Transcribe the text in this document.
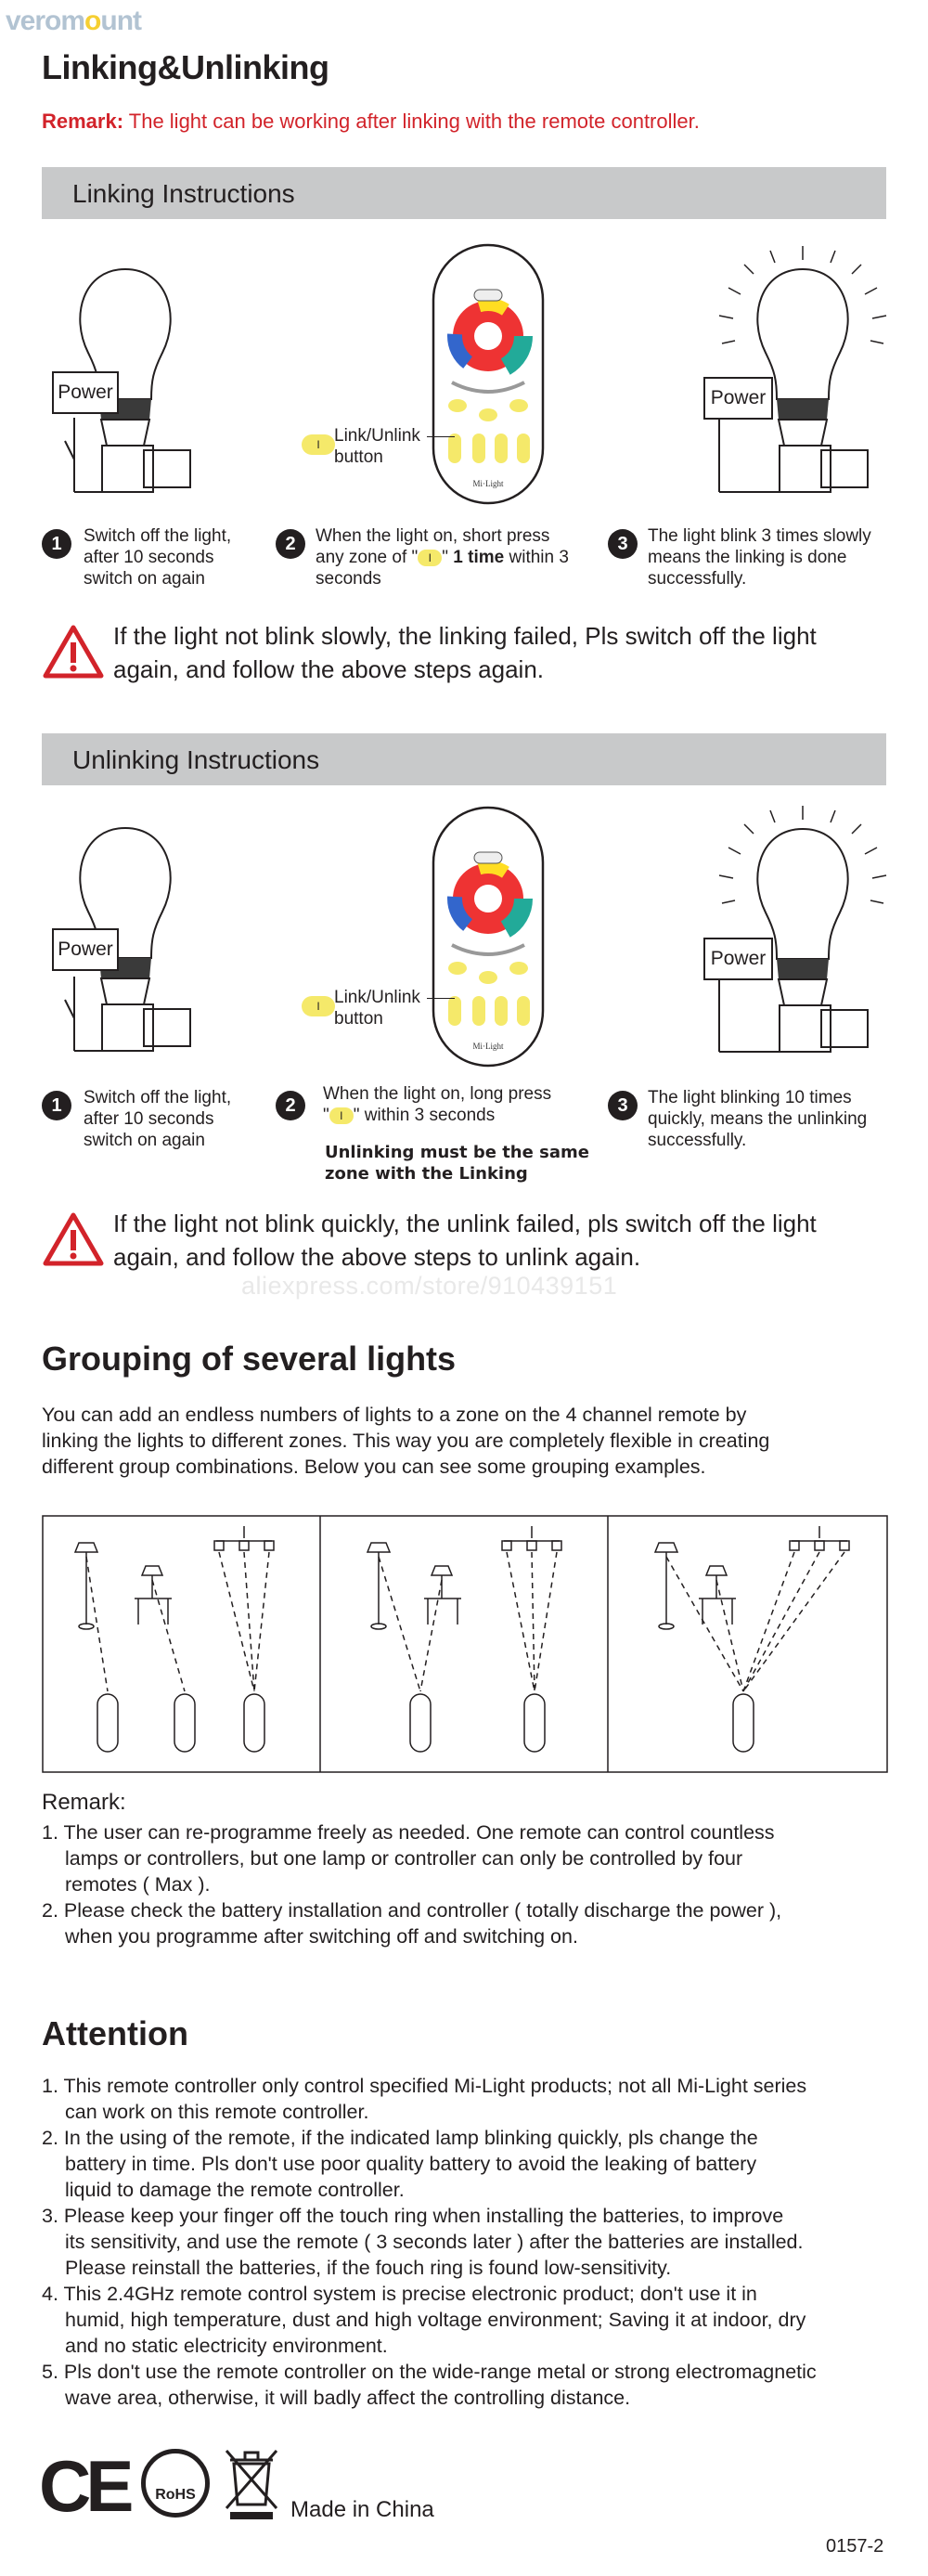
veromount
Linking&Unlinking
Remark: The light can be working after linking with the remote controller.
Linking Instructions
Power
Mi·Light
I Link/Unlink
button
Power
1	Switch off the light,
after 10 seconds
switch on again
2	When the light on, short press
any zone of " I " 1 time within 3
seconds
3	The light blink 3 times slowly
means the linking is done
successfully.
If the light not blink slowly, the linking failed, Pls switch off the light
again, and follow the above steps again.
Unlinking Instructions
Power
Mi·Light
I Link/Unlink
button
Power
1	Switch off the light,
after 10 seconds
switch on again
2
When the light on, long press
" I " within 3 seconds
Unlinking must be the same
zone with the Linking
3	The light blinking 10 times
quickly, means the unlinking
successfully.
If the light not blink quickly, the unlink failed, pls switch off the light
again, and follow the above steps to unlink again.
aliexpress.com/store/910439151
Grouping of several lights
You can add an endless numbers of lights to a zone on the 4 channel remote by
linking the lights to different zones. This way you are completely flexible in creating
different group combinations. Below you can see some grouping examples.
Remark:
1. The user can re-programme freely as needed. One remote can control countless
lamps or controllers, but one lamp or controller can only be controlled by four
remotes ( Max ).
2. Please check the battery installation and controller ( totally discharge the power ),
when you programme after switching off and switching on.
Attention
1. This remote controller only control specified Mi-Light products; not all Mi-Light series
can work on this remote controller.
2. In the using of the remote, if the indicated lamp blinking quickly, pls change the
battery in time. Pls don't use poor quality battery to avoid the leaking of battery
liquid to damage the remote controller.
3. Please keep your finger off the touch ring when installing the batteries, to improve
its sensitivity, and use the remote ( 3 seconds later ) after the batteries are installed.
Please reinstall the batteries, if the fouch ring is found low-sensitivity.
4. This 2.4GHz remote control system is precise electronic product; don't use it in
humid, high temperature, dust and high voltage environment; Saving it at indoor, dry
and no static electricity environment.
5. Pls don't use the remote controller on the wide-range metal or strong electromagnetic
wave area, otherwise, it will badly affect the controlling distance.
CE	RoHS
Made in China
0157-2
